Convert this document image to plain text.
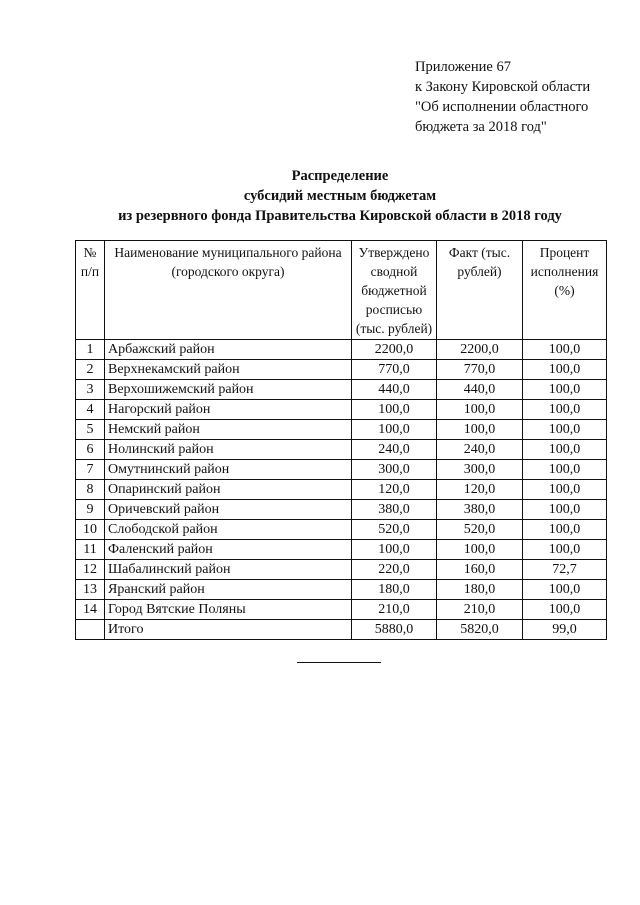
Приложение 67
к Закону Кировской области
"Об исполнении областного
бюджета за 2018 год"
Распределение
субсидий местным бюджетам
из резервного фонда Правительства Кировской области в 2018 году
№ п/п	Наименование муниципального района (городского округа)	Утверждено сводной бюджетной росписью (тыс. рублей)	Факт (тыс. рублей)	Процент исполнения (%)
1	Арбажский район	2200,0	2200,0	100,0
2	Верхнекамский район	770,0	770,0	100,0
3	Верхошижемский район	440,0	440,0	100,0
4	Нагорский район	100,0	100,0	100,0
5	Немский район	100,0	100,0	100,0
6	Нолинский район	240,0	240,0	100,0
7	Омутнинский район	300,0	300,0	100,0
8	Опаринский район	120,0	120,0	100,0
9	Оричевский район	380,0	380,0	100,0
10	Слободской район	520,0	520,0	100,0
11	Фаленский район	100,0	100,0	100,0
12	Шабалинский район	220,0	160,0	72,7
13	Яранский район	180,0	180,0	100,0
14	Город Вятские Поляны	210,0	210,0	100,0
	Итого	5880,0	5820,0	99,0
